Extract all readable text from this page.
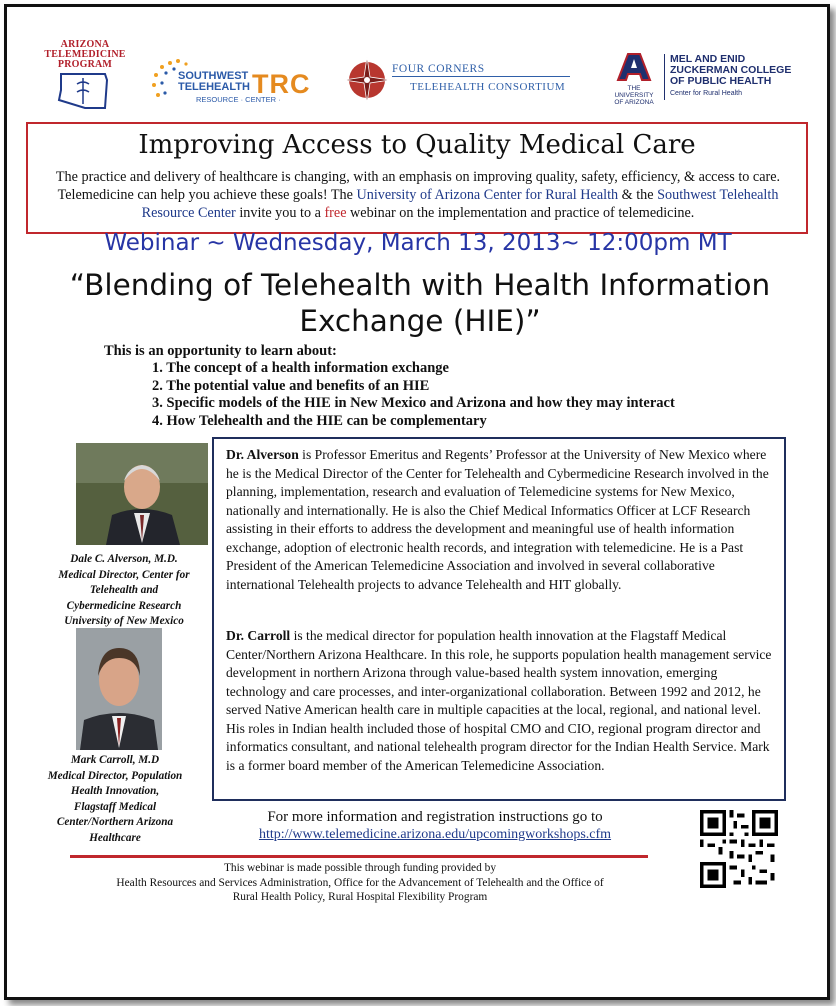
ARIZONA
TELEMEDICINE
PROGRAM
SOUTHWEST
TELEHEALTH
RESOURCE · CENTER ·
TRC	FOUR CORNERS
TELEHEALTH CONSORTIUM	THE UNIVERSITY
OF ARIZONA
MEL AND ENID
ZUCKERMAN COLLEGE
OF PUBLIC HEALTH
Center for Rural Health
Improving Access to Quality Medical Care
The practice and delivery of healthcare is changing, with an emphasis on improving quality, safety, efficiency, & access to care. Telemedicine can help you achieve these goals! The University of Arizona Center for Rural Health & the Southwest Telehealth Resource Center invite you to a free webinar on the implementation and practice of telemedicine.
Webinar ~ Wednesday, March 13, 2013~ 12:00pm MT
“Blending of Telehealth with Health Information
Exchange (HIE)”
This is an opportunity to learn about:
1. The concept of a health information exchange
2. The potential value and benefits of an HIE
3. Specific models of the HIE in New Mexico and Arizona and how they may interact
4. How Telehealth and the HIE can be complementary
Dale C. Alverson, M.D.
Medical Director, Center for
Telehealth and
Cybermedicine Research
University of New Mexico
Mark Carroll, M.D
Medical Director, Population
Health Innovation,
Flagstaff Medical
Center/Northern Arizona
Healthcare
Dr. Alverson is Professor Emeritus and Regents’ Professor at the University of New Mexico where he is the Medical Director of the Center for Telehealth and Cybermedicine Research involved in the planning, implementation, research and evaluation of Telemedicine systems for New Mexico, nationally and internationally. He is also the Chief Medical Informatics Officer at LCF Research assisting in their efforts to address the development and meaningful use of health information exchange, adoption of electronic health records, and integration with telemedicine. He is a Past President of the American Telemedicine Association and involved in several collaborative international Telehealth projects to advance Telehealth and HIT globally.
Dr. Carroll is the medical director for population health innovation at the Flagstaff Medical Center/Northern Arizona Healthcare. In this role, he supports population health management service development in northern Arizona through value-based health system innovation, emerging technology and care processes, and inter-organizational collaboration. Between 1992 and 2012, he served Native American health care in multiple capacities at the local, regional, and national level. His roles in Indian health included those of hospital CMO and CIO, regional program director and informatics consultant, and national telehealth program director for the Indian Health Service. Mark is a former board member of the American Telemedicine Association.
For more information and registration instructions go to
http://www.telemedicine.arizona.edu/upcomingworkshops.cfm
This webinar is made possible through funding provided by
Health Resources and Services Administration, Office for the Advancement of Telehealth and the Office of
Rural Health Policy, Rural Hospital Flexibility Program
